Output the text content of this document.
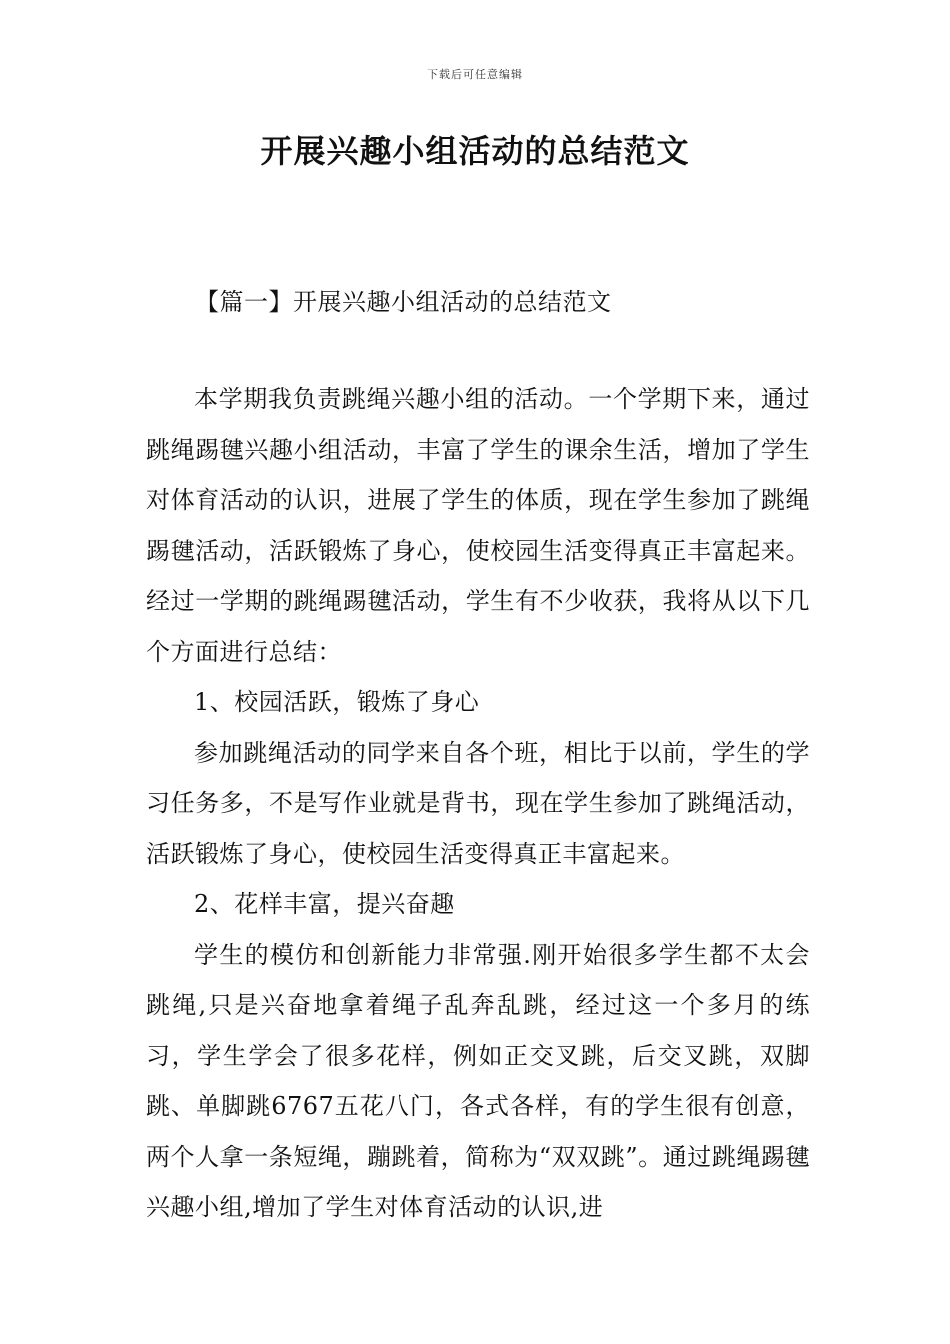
下载后可任意编辑
开展兴趣小组活动的总结范文
【篇一】开展兴趣小组活动的总结范文

本学期我负责跳绳兴趣小组的活动。一个学期下来，通过跳绳踢毽兴趣小组活动，丰富了学生的课余生活，增加了学生对体育活动的认识，进展了学生的体质，现在学生参加了跳绳踢毽活动，活跃锻炼了身心，使校园生活变得真正丰富起来。经过一学期的跳绳踢毽活动，学生有不少收获，我将从以下几个方面进行总结：

1、校园活跃，锻炼了身心

参加跳绳活动的同学来自各个班，相比于以前，学生的学习任务多，不是写作业就是背书，现在学生参加了跳绳活动，活跃锻炼了身心，使校园生活变得真正丰富起来。

2、花样丰富，提兴奋趣

学生的模仿和创新能力非常强.刚开始很多学生都不太会跳绳,只是兴奋地拿着绳子乱奔乱跳，经过这一个多月的练习，学生学会了很多花样，例如正交叉跳，后交叉跳，双脚跳、单脚跳6767五花八门，各式各样，有的学生很有创意，两个人拿一条短绳，蹦跳着，简称为“双双跳”。通过跳绳踢毽兴趣小组,增加了学生对体育活动的认识,进
